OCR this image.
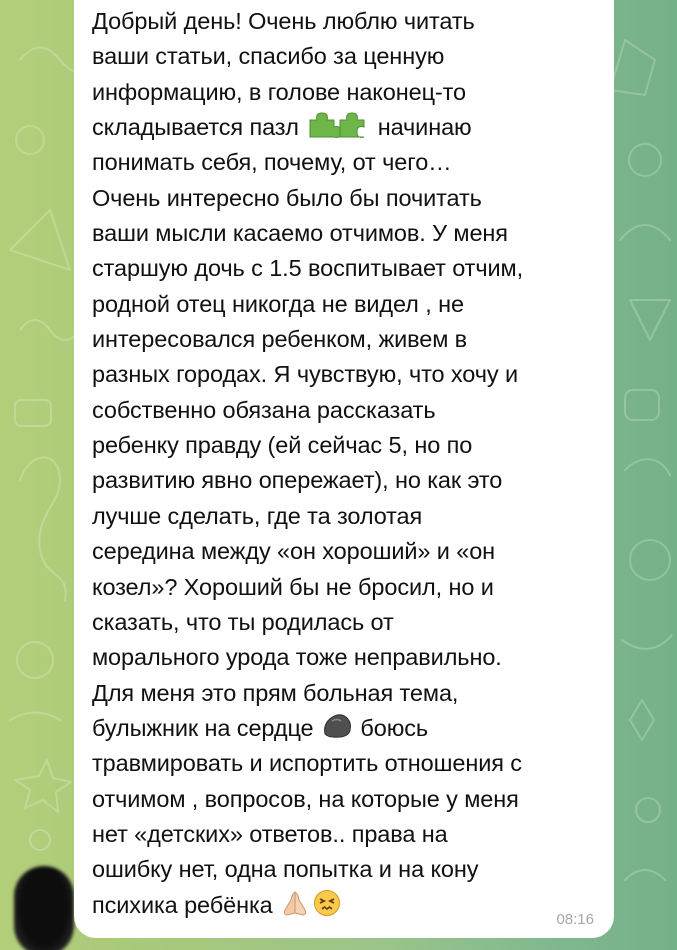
Добрый день! Очень люблю читать
ваши статьи, спасибо за ценную
информацию, в голове наконец-то
складывается пазл	начинаю
понимать себя, почему, от чего…
Очень интересно было бы почитать
ваши мысли касаемо отчимов. У меня
старшую дочь с 1.5 воспитывает отчим,
родной отец никогда не видел , не
интересовался ребенком, живем в
разных городах. Я чувствую, что хочу и
собственно обязана рассказать
ребенку правду (ей сейчас 5, но по
развитию явно опережает), но как это
лучше сделать, где та золотая
середина между «он хороший» и «он
козел»? Хороший бы не бросил, но и
сказать, что ты родилась от
морального урода тоже неправильно.
Для меня это прям больная тема,
булыжник на сердце боюсь
травмировать и испортить отношения с
отчимом , вопросов, на которые у меня
нет «детских» ответов.. права на
ошибку нет, одна попытка и на кону
психика ребёнка

08:16
